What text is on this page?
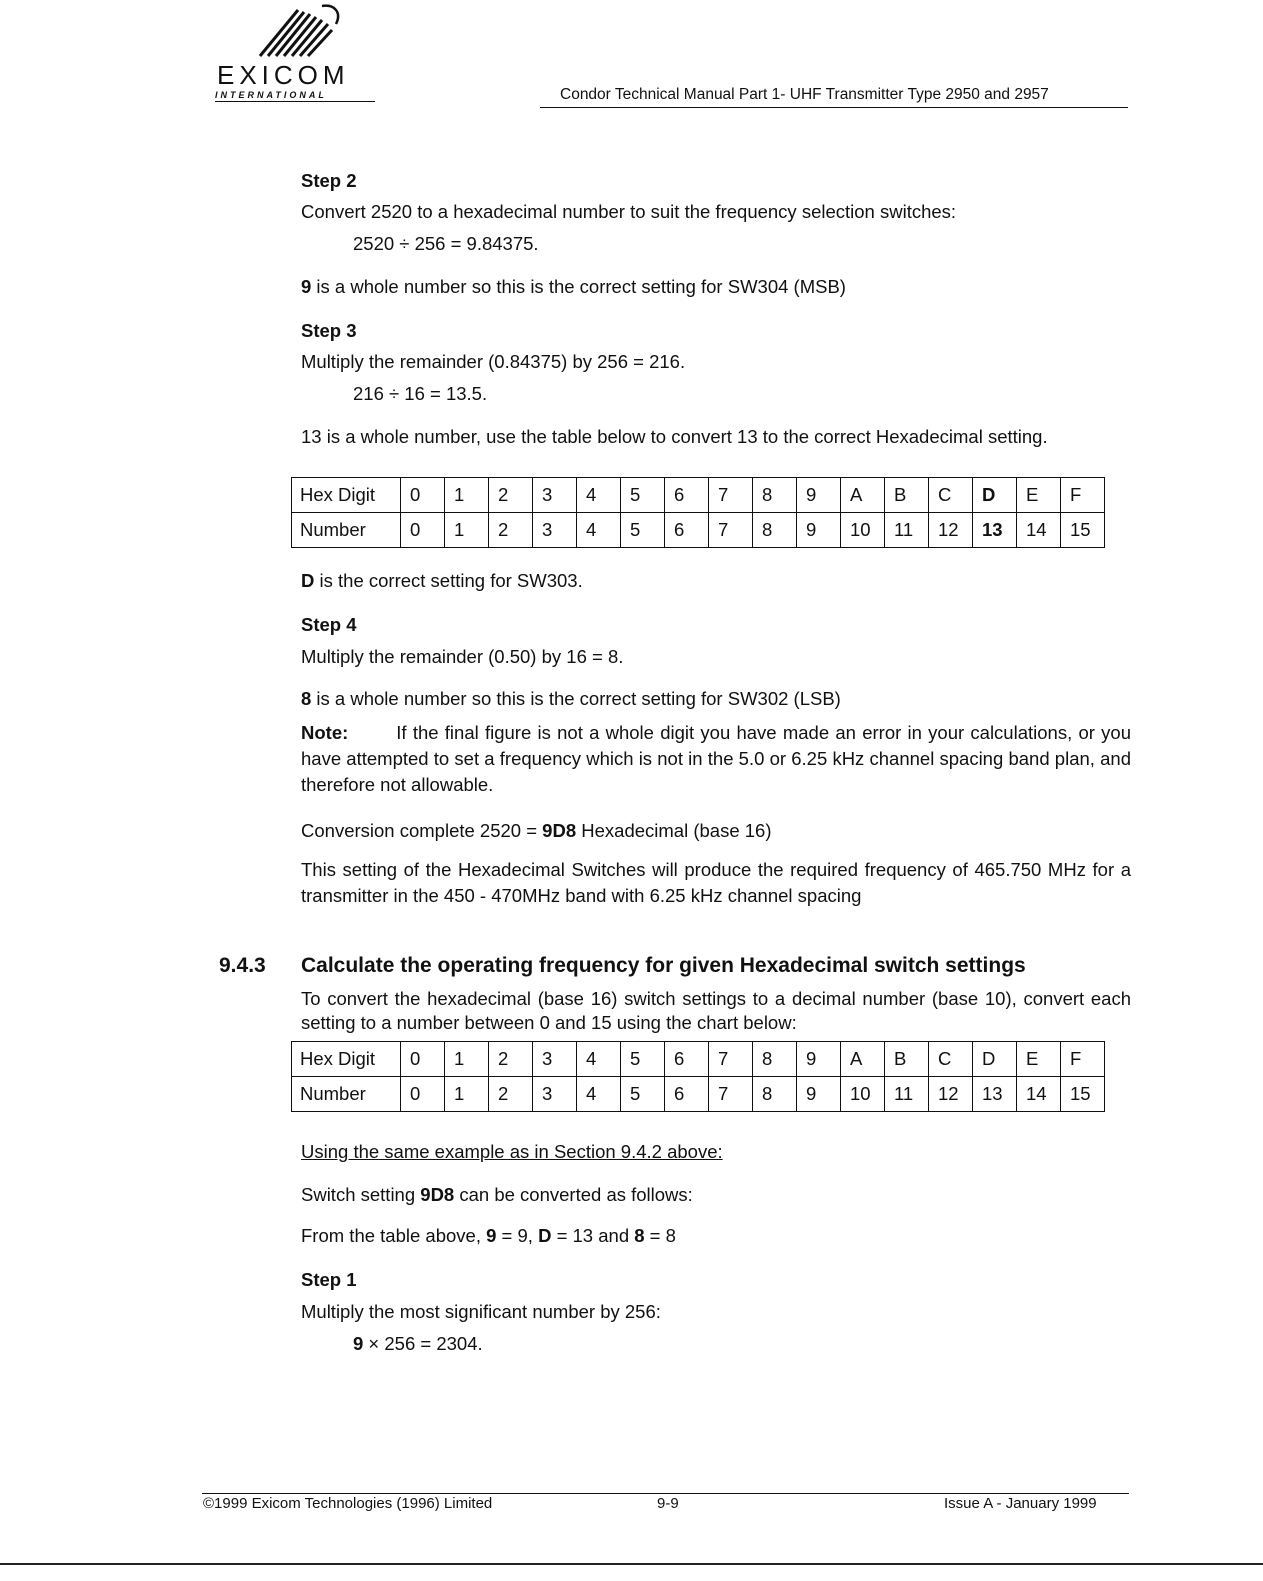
EXICOM
INTERNATIONAL	Condor Technical Manual Part 1- UHF Transmitter Type 2950 and 2957
Step 2
Convert 2520 to a hexadecimal number to suit the frequency selection switches:
2520 ÷ 256 = 9.84375.
9 is a whole number so this is the correct setting for SW304 (MSB)
Step 3
Multiply the remainder (0.84375) by 256 = 216.
216 ÷ 16 = 13.5.
13 is a whole number, use the table below to convert 13 to the correct Hexadecimal setting.
Hex Digit	0	1	2	3	4	5	6	7	8	9	A	B	C	D	E	F
Number	0	1	2	3	4	5	6	7	8	9	10	11	12	13	14	15
D is the correct setting for SW303.
Step 4
Multiply the remainder (0.50) by 16 = 8.
8 is a whole number so this is the correct setting for SW302 (LSB)
Note:	If the final figure is not a whole digit you have made an error in your calculations, or you have attempted to set a frequency which is not in the 5.0 or 6.25 kHz channel spacing band plan, and therefore not allowable.
Conversion complete 2520 = 9D8 Hexadecimal (base 16)
This setting of the Hexadecimal Switches will produce the required frequency of 465.750 MHz for a transmitter in the 450 - 470MHz band with 6.25 kHz channel spacing
9.4.3 Calculate the operating frequency for given Hexadecimal switch settings
To convert the hexadecimal (base 16) switch settings to a decimal number (base 10), convert each setting to a number between 0 and 15 using the chart below:
Hex Digit	0	1	2	3	4	5	6	7	8	9	A	B	C	D	E	F
Number	0	1	2	3	4	5	6	7	8	9	10	11	12	13	14	15
Using the same example as in Section 9.4.2 above:
Switch setting 9D8 can be converted as follows:
From the table above, 9 = 9, D = 13 and 8 = 8
Step 1
Multiply the most significant number by 256:
9 × 256 = 2304.
©1999 Exicom Technologies (1996) Limited	9-9	Issue A - January 1999
